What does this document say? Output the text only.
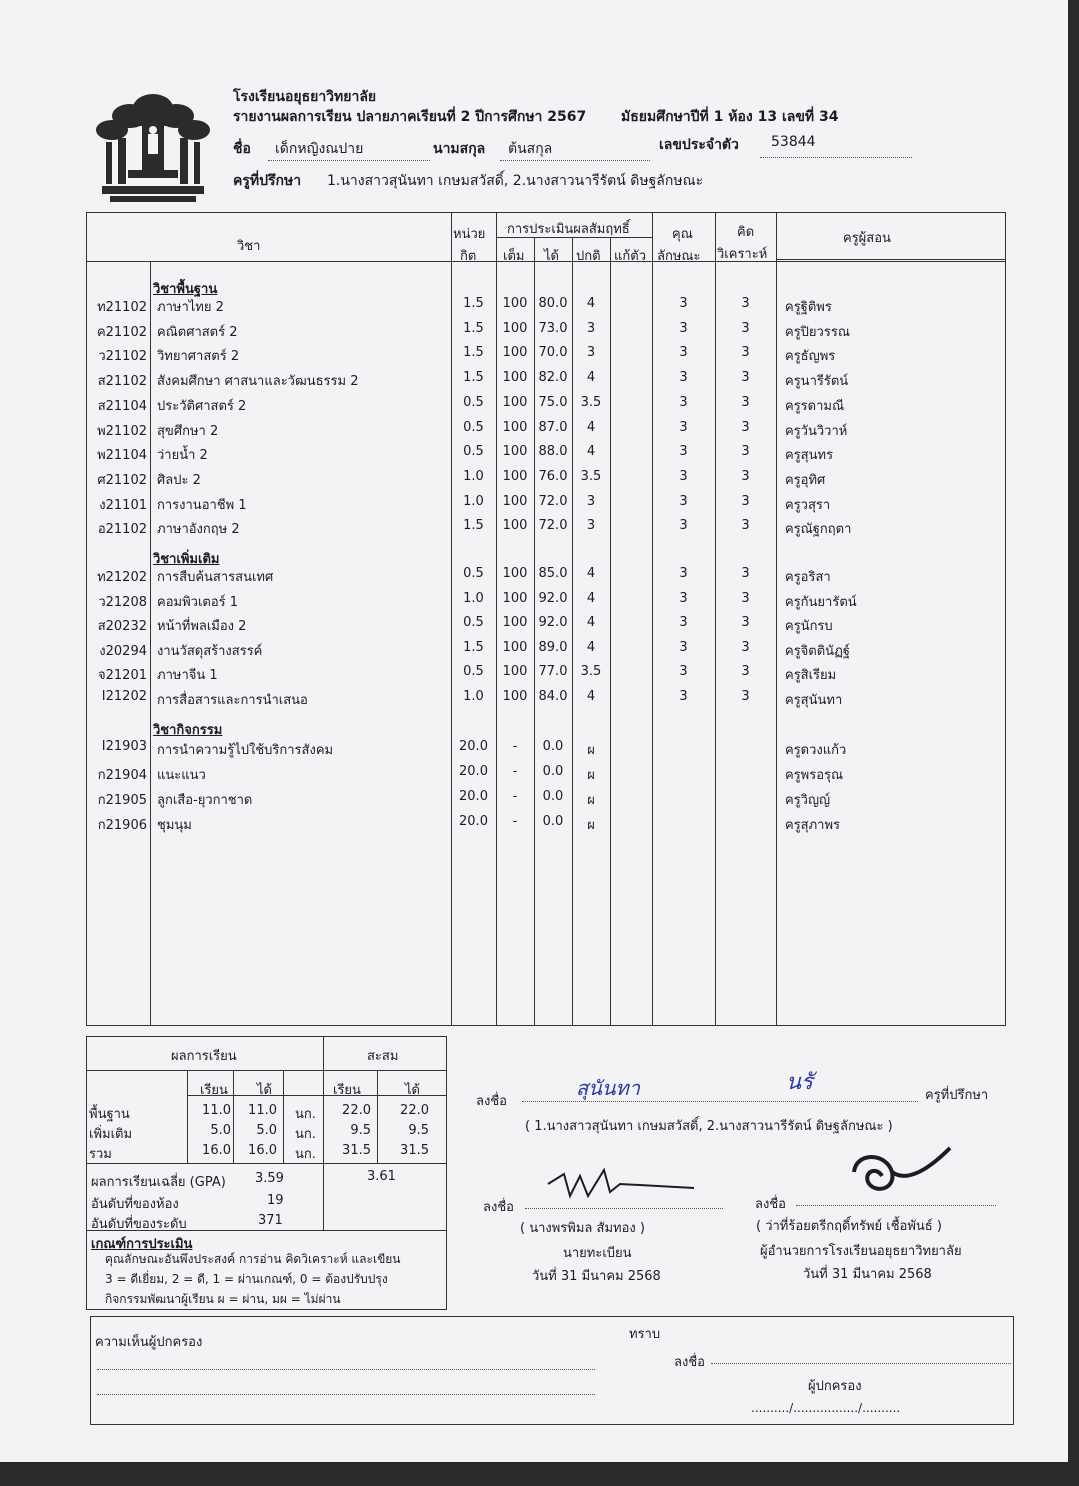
โรงเรียนอยุธยาวิทยาลัย
รายงานผลการเรียน ปลายภาคเรียนที่ 2 ปีการศึกษา 2567 มัธยมศึกษาปีที่ 1 ห้อง 13 เลขที่ 34
ชื่อ เด็กหญิงณปาย	นามสกุล ต้นสกุล	เลขประจำตัว 53844
ครูที่ปรึกษา 1.นางสาวสุนันทา เกษมสวัสดิ์, 2.นางสาวนารีรัตน์ ดิษฐลักษณะ
วิชา
หน่วย
กิต
การประเมินผลสัมฤทธิ์
เต็ม ได้ ปกติ แก้ตัว
คุณ
ลักษณะ
คิด
วิเคราะห์
ครูผู้สอน
วิชาพื้นฐาน
ท21102 ภาษาไทย 2	1.5	100 80.0	4	3	3	ครูฐิติพร
ค21102 คณิตศาสตร์ 2	1.5	100 73.0	3	3	3	ครูปิยวรรณ
ว21102 วิทยาศาสตร์ 2	1.5	100 70.0	3	3	3	ครูธัญพร
ส21102 สังคมศึกษา ศาสนาและวัฒนธรรม 2	1.5	100 82.0	4	3	3	ครูนารีรัตน์
ส21104 ประวัติศาสตร์ 2	0.5	100 75.0	3.5	3	3	ครูรดามณี
พ21102 สุขศึกษา 2	0.5	100 87.0	4	3	3	ครูวันวิวาห์
พ21104 ว่ายน้ำ 2	0.5	100 88.0	4	3	3	ครูสุนทร
ศ21102 ศิลปะ 2	1.0	100 76.0	3.5	3	3	ครูอุทิศ
ง21101 การงานอาชีพ 1	1.0	100 72.0	3	3	3	ครูวสุรา
อ21102 ภาษาอังกฤษ 2	1.5	100 72.0	3	3	3	ครูณัฐกฤตา
วิชาเพิ่มเติม
ท21202 การสืบค้นสารสนเทศ	0.5	100 85.0	4	3	3	ครูอริสา
ว21208 คอมพิวเตอร์ 1	1.0	100 92.0	4	3	3	ครูกันยารัตน์
ส20232 หน้าที่พลเมือง 2	0.5	100 92.0	4	3	3	ครูนักรบ
ง20294 งานวัสดุสร้างสรรค์	1.5	100 89.0	4	3	3	ครูจิตตินัฏฐ์
จ21201 ภาษาจีน 1	0.5	100 77.0	3.5	3	3	ครูสิเรียม
I21202 การสื่อสารและการนำเสนอ	1.0	100 84.0	4	3	3	ครูสุนันทา
วิชากิจกรรม
I21903 การนำความรู้ไปใช้บริการสังคม	20.0	-	0.0	ผ	ครูดวงแก้ว
ก21904 แนะแนว	20.0	-	0.0	ผ	ครูพรอรุณ
ก21905 ลูกเสือ-ยุวกาชาด	20.0	-	0.0	ผ	ครูวิญญ์
ก21906 ชุมนุม	20.0	-	0.0	ผ	ครูสุภาพร
ผลการเรียน	สะสม
เรียน ได้	เรียน	ได้
พื้นฐาน	11.0	11.0 นก.	22.0	22.0
เพิ่มเติม	5.0	5.0 นก.	9.5	9.5
รวม	16.0	16.0 นก.	31.5	31.5
ผลการเรียนเฉลี่ย (GPA) 3.59	3.61
อันดับที่ของห้อง	19
อันดับที่ของระดับ	371
เกณฑ์การประเมิน
คุณลักษณะอันพึงประสงค์ การอ่าน คิดวิเคราะห์ และเขียน
3 = ดีเยี่ยม, 2 = ดี, 1 = ผ่านเกณฑ์, 0 = ต้องปรับปรุง
กิจกรรมพัฒนาผู้เรียน ผ = ผ่าน, มผ = ไม่ผ่าน
ลงชื่อ
สุนันทา	นรั
ครูที่ปรึกษา
( 1.นางสาวสุนันทา เกษมสวัสดิ์, 2.นางสาวนารีรัตน์ ดิษฐลักษณะ )
ลงชื่อ
( นางพรพิมล สัมทอง )
นายทะเบียน
วันที่ 31 มีนาคม 2568
ลงชื่อ
( ว่าที่ร้อยตรีกฤดิ์ทรัพย์ เชื้อพันธ์ )
ผู้อำนวยการโรงเรียนอยุธยาวิทยาลัย
วันที่ 31 มีนาคม 2568
ความเห็นผู้ปกครอง
ทราบ
ลงชื่อ
ผู้ปกครอง
........../................./..........
